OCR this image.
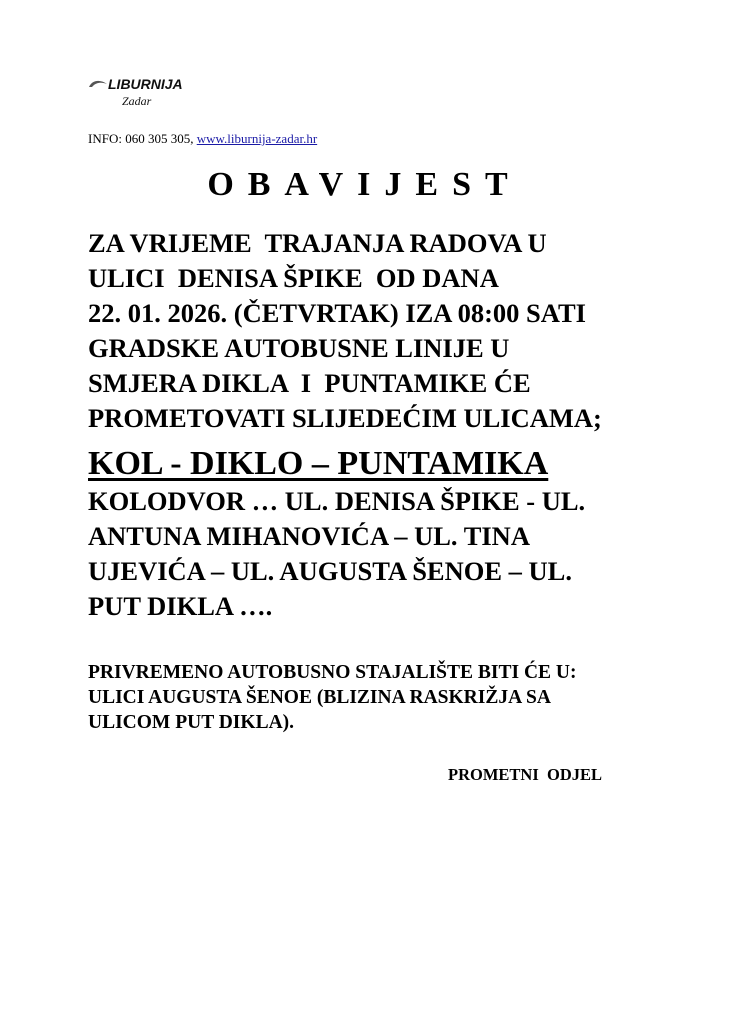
LIBURNIJA
Zadar
INFO: 060 305 305, www.liburnija-zadar.hr
OBAVIJEST
ZA VRIJEME  TRAJANJA RADOVA U
ULICI  DENISA ŠPIKE  OD DANA
22. 01. 2026. (ČETVRTAK) IZA 08:00 SATI
GRADSKE AUTOBUSNE LINIJE U
SMJERA DIKLA  I  PUNTAMIKE ĆE
PROMETOVATI SLIJEDEĆIM ULICAMA;
KOL - DIKLO – PUNTAMIKA
KOLODVOR … UL. DENISA ŠPIKE - UL.
ANTUNA MIHANOVIĆA – UL. TINA
UJEVIĆA – UL. AUGUSTA ŠENOE – UL.
PUT DIKLA ….
PRIVREMENO AUTOBUSNO STAJALIŠTE BITI ĆE U:
ULICI AUGUSTA ŠENOE (BLIZINA RASKRIŽJA SA
ULICOM PUT DIKLA).
PROMETNI  ODJEL
